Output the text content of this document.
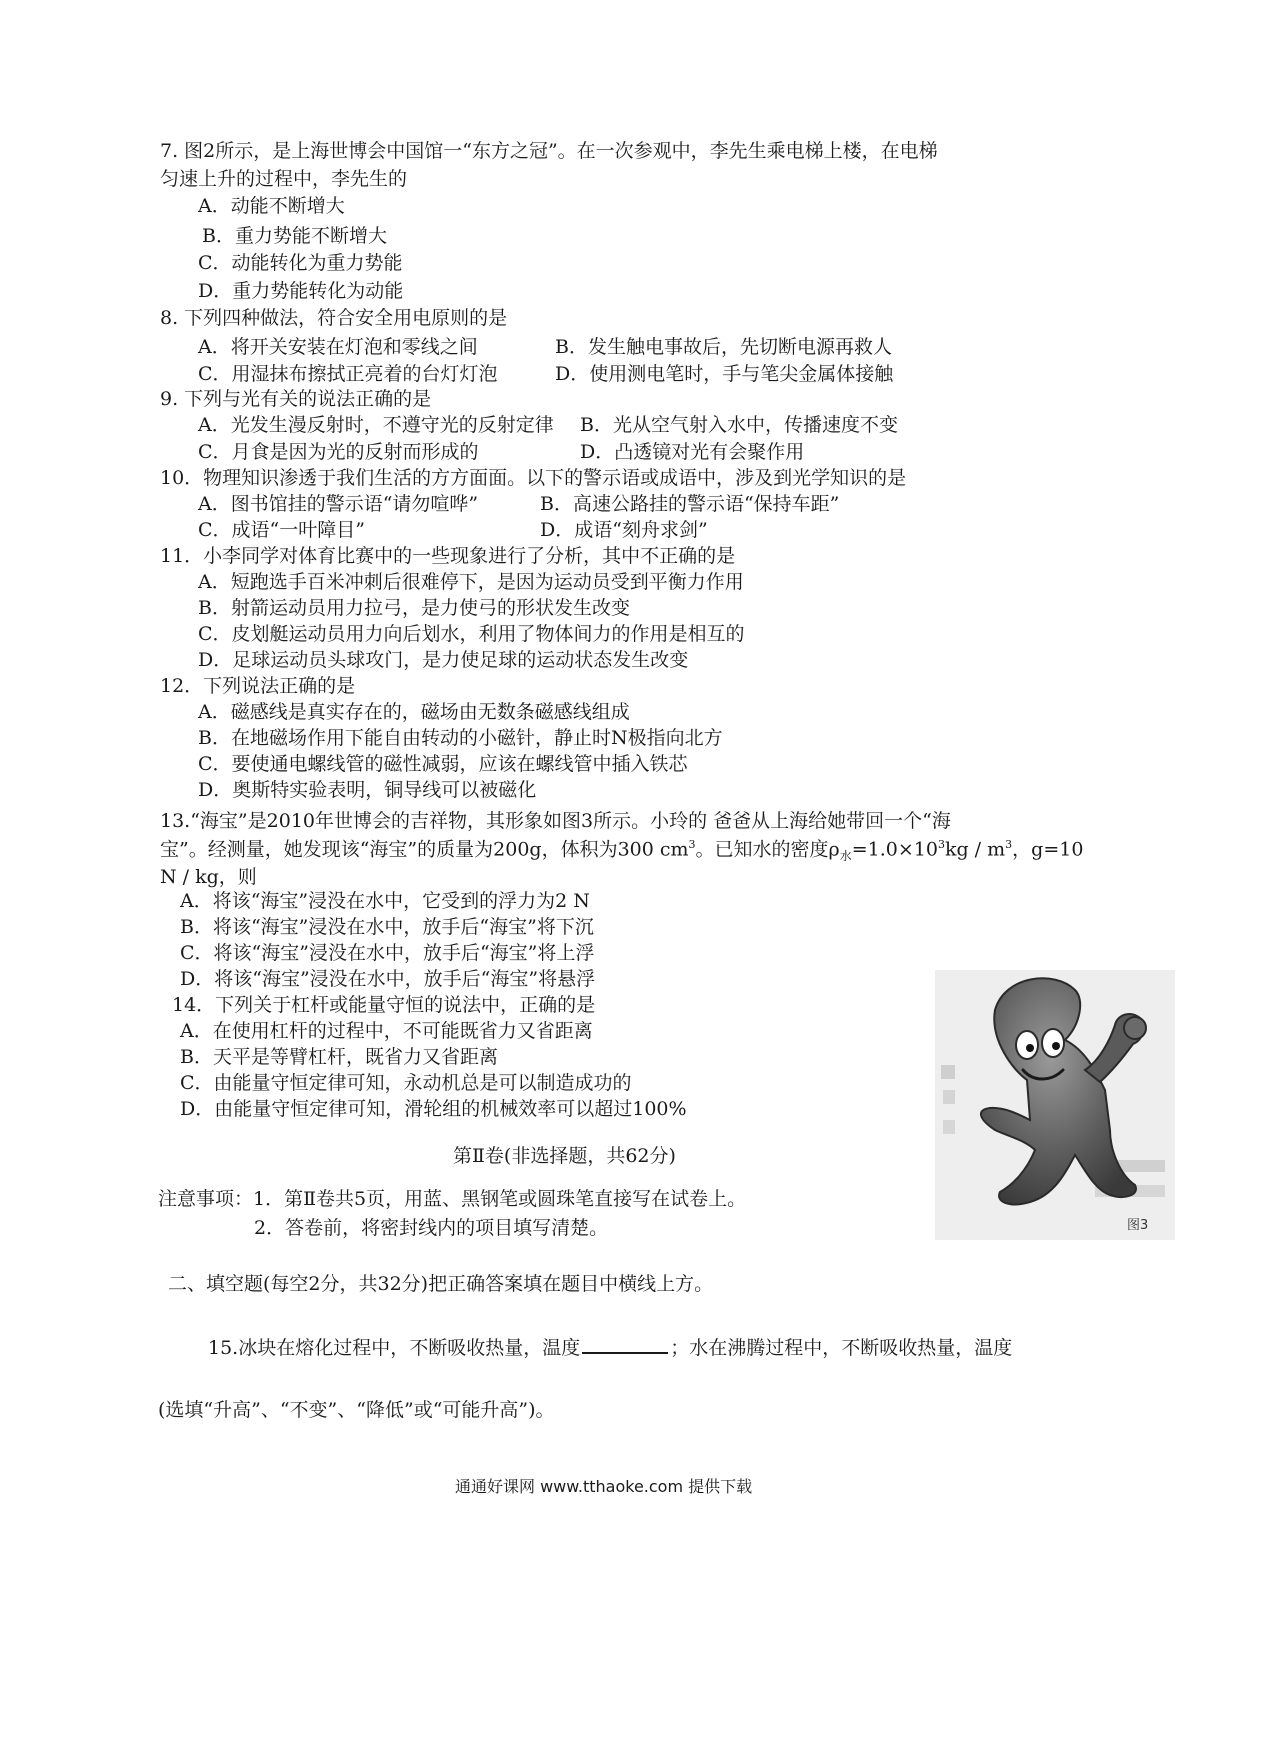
7. 图2所示，是上海世博会中国馆一“东方之冠”。在一次参观中，李先生乘电梯上楼，在电梯
匀速上升的过程中，李先生的
A．动能不断增大
B．重力势能不断增大
C．动能转化为重力势能
D．重力势能转化为动能
8. 下列四种做法，符合安全用电原则的是
A．将开关安装在灯泡和零线之间	B．发生触电事故后，先切断电源再救人
C．用湿抹布擦拭正亮着的台灯灯泡	D．使用测电笔时，手与笔尖金属体接触
9. 下列与光有关的说法正确的是
A．光发生漫反射时，不遵守光的反射定律 B．光从空气射入水中，传播速度不变
C．月食是因为光的反射而形成的	D．凸透镜对光有会聚作用
10．物理知识渗透于我们生活的方方面面。以下的警示语或成语中，涉及到光学知识的是
A．图书馆挂的警示语“请勿喧哗”	B．高速公路挂的警示语“保持车距”
C．成语“一叶障目”	D．成语“刻舟求剑”
11．小李同学对体育比赛中的一些现象进行了分析，其中不正确的是
A．短跑选手百米冲刺后很难停下，是因为运动员受到平衡力作用
B．射箭运动员用力拉弓，是力使弓的形状发生改变
C．皮划艇运动员用力向后划水，利用了物体间力的作用是相互的
D．足球运动员头球攻门，是力使足球的运动状态发生改变
12．下列说法正确的是
A．磁感线是真实存在的，磁场由无数条磁感线组成
B．在地磁场作用下能自由转动的小磁针，静止时N极指向北方
C．要使通电螺线管的磁性减弱，应该在螺线管中插入铁芯
D．奥斯特实验表明，铜导线可以被磁化
13.“海宝”是2010年世博会的吉祥物，其形象如图3所示。小玲的 爸爸从上海给她带回一个“海
宝”。经测量，她发现该“海宝”的质量为200g，体积为300 $cm^3$。已知水的密度$\rho_水=1.0\times 10^3kg / m^3$，g=10
N / kg，则
A．将该“海宝”浸没在水中，它受到的浮力为2 N
B．将该“海宝”浸没在水中，放手后“海宝”将下沉
C．将该“海宝”浸没在水中，放手后“海宝”将上浮
D．将该“海宝”浸没在水中，放手后“海宝”将悬浮
14．下列关于杠杆或能量守恒的说法中，正确的是
A．在使用杠杆的过程中，不可能既省力又省距离
B．天平是等臂杠杆，既省力又省距离
C．由能量守恒定律可知，永动机总是可以制造成功的
D．由能量守恒定律可知，滑轮组的机械效率可以超过100%
图3
第Ⅱ卷(非选择题，共62分)
注意事项：1．第Ⅱ卷共5页，用蓝、黑钢笔或圆珠笔直接写在试卷上。
2．答卷前，将密封线内的项目填写清楚。
二、填空题(每空2分，共32分)把正确答案填在题目中横线上方。
15.冰块在熔化过程中，不断吸收热量，温度	；水在沸腾过程中，不断吸收热量，温度
(选填“升高”、“不变”、“降低”或“可能升高”)。
通通好课网 www.tthaoke.com 提供下载
